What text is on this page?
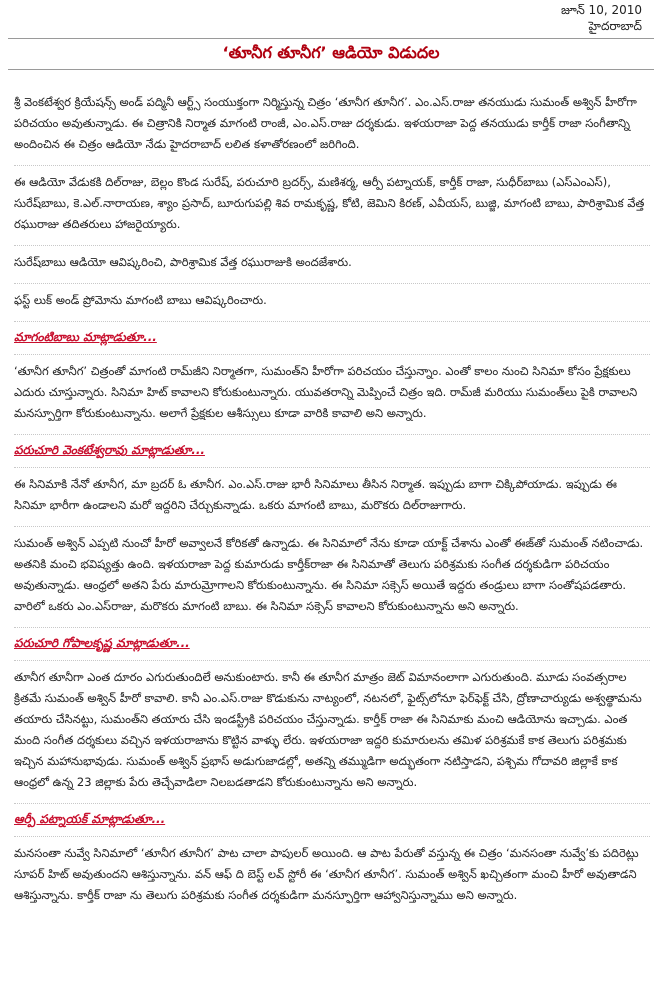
జూన్ 10, 2010
హైదరాబాద్
‘తూనీగ తూనీగ’ ఆడియో విడుదల

శ్రీ వెంకటేశ్వర క్రియేషన్స్ అండ్ పద్మినీ ఆర్ట్స్ సంయుక్తంగా నిర్మిస్తున్న చిత్రం ‘తూనీగ తూనీగ’. ఎం.ఎస్.రాజు తనయుడు సుమంత్ అశ్విన్ హీరోగా పరిచయం అవుతున్నాడు. ఈ చిత్రానికి నిర్మాత మాగంటి రాంజీ, ఎం.ఎస్.రాజు దర్శకుడు. ఇళయరాజా పెద్ద తనయుడు కార్తీక్ రాజా సంగీతాన్ని అందించిన ఈ చిత్రం ఆడియో నేడు హైదరాబాద్ లలిత కళాతోరణంలో జరిగింది.

ఈ ఆడియో వేడుకకి దిల్‌రాజు, బెల్లం కొండ సురేష్, పరుచూరి బ్రదర్స్, మణిశర్మ, ఆర్పీ పట్నాయక్, కార్తీక్ రాజా, సుధీర్‌బాబు (ఎస్ఎంఎస్), సురేష్‌బాబు, కె.ఎల్.నారాయణ, శ్యాం ప్రసాద్, బూరుగుపల్లి శివ రామకృష్ణ, కోటి, జెమిని కిరణ్, ఎవీయస్, బుజ్జి, మాగంటి బాబు, పారిశ్రామిక వేత్త రఘురాజు తదితరులు హాజరైయ్యారు.

సురేష్‌బాబు ఆడియో ఆవిష్కరించి, పారిశ్రామిక వేత్త రఘురాజుకి అందజేశారు.

ఫస్ట్ లుక్ అండ్ ప్రోమోను మాగంటి బాబు ఆవిష్కరించారు.

మాగంటిబాబు మాట్లాడుతూ...

‘తూనీగ తూనీగ’ చిత్రంతో మాగంటి రామ్‌జీని నిర్మాతగా, సుమంత్‌ని హీరోగా పరిచయం చేస్తున్నాం. ఎంతో కాలం నుంచి సినిమా కోసం ప్రేక్షకులు ఎదురు చూస్తున్నారు. సినిమా హిట్ కావాలని కోరుకుంటున్నారు. యువతరాన్ని మెప్పించే చిత్రం ఇది. రామ్‌జీ మరియు సుమంత్‌లు పైకి రావాలని మనస్పూర్తిగా కోరుకుంటున్నాను. అలాగే ప్రేక్షకుల ఆశీస్సులు కూడా వారికి కావాలి అని అన్నారు.

పరుచూరి వెంకటేశ్వరావు మాట్లాడుతూ...

ఈ సినిమాకి నేనో తూనీగ, మా బ్రదర్ ఓ తూనీగ. ఎం.ఎస్.రాజు భారీ సినిమాలు తీసిన నిర్మాత. ఇప్పుడు బాగా చిక్కిపోయాడు. ఇప్పుడు ఈ సినిమా భారీగా ఉండాలని మరో ఇద్దరిని చేర్చుకున్నాడు. ఒకరు మాగంటి బాబు, మరొకరు దిల్‌రాజుగారు.

సుమంత్ అశ్విన్ ఎప్పటి నుంచో హీరో అవ్వాలనే కోరికతో ఉన్నాడు. ఈ సినిమాలో నేను కూడా యాక్ట్ చేశాను ఎంతో ఈజ్‌తో సుమంత్ నటించాడు. అతనికి మంచి భవిష్యత్తు ఉంది. ఇళయరాజా పెద్ద కుమారుడు కార్తీక్‌రాజా ఈ సినిమాతో తెలుగు పరిశ్రమకు సంగీత దర్శకుడిగా పరిచయం అవుతున్నాడు. ఆంధ్రలో అతని పేరు మారుమ్రోగాలని కోరుకుంటున్నాను. ఈ సినిమా సక్సెస్ అయితే ఇద్దరు తండ్రులు బాగా సంతోషపడతారు. వారిలో ఒకరు ఎం.ఎస్‌రాజు, మరొకరు మాగంటి బాబు. ఈ సినిమా సక్సెస్ కావాలని కోరుకుంటున్నాను అని అన్నారు.

పరుచూరి గోపాలకృష్ణ మాట్లాడుతూ...

తూనీగ తూనీగా ఎంత దూరం ఎగురుతుందిలే అనుకుంటారు. కానీ ఈ తూనీగ మాత్రం జెట్ విమానంలాగా ఎగురుతుంది. మూడు సంవత్సరాల క్రితమే సుమంత్ అశ్విన్ హీరో కావాలి. కానీ ఎం.ఎస్.రాజు కొడుకును నాట్యంలో, నటనలో, ఫైట్స్‌లోనూ ఫెర్‌ఫెక్ట్ చేసి, ద్రోణాచార్యుడు అశ్వత్థామను తయారు చేసినట్టు, సుమంత్‌ని తయారు చేసి ఇండస్ట్రీకి పరిచయం చేస్తున్నాడు. కార్తీక్ రాజా ఈ సినిమాకు మంచి ఆడియోను ఇచ్చాడు. ఎంత మంది సంగీత దర్శకులు వచ్చిన ఇళయరాజాను కొట్టిన వాళ్ళు లేరు. ఇళయరాజా ఇద్దరి కుమారులను తమిళ పరిశ్రమకే కాక తెలుగు పరిశ్రమకు ఇచ్చిన మహానుభావుడు. సుమంత్ అశ్విన్ ప్రభాస్ అడుగుజాడల్లో, అతన్ని తమ్ముడిగా అద్భుతంగా నటిస్తాడని, పశ్చిమ గోదావరి జిల్లాకే కాక ఆంధ్రలో ఉన్న 23 జిల్లాకు పేరు తెచ్చేవాడిలా నిలబడతాడని కోరుకుంటున్నాను అని అన్నారు.

ఆర్పీ పట్నాయక్ మాట్లాడుతూ...

మనసంతా నువ్వే సినిమాలో ‘తూనీగ తూనీగ’ పాట చాలా పాపులర్ అయింది. ఆ పాట పేరుతో వస్తున్న ఈ చిత్రం ‘మనసంతా నువ్వే’కు పదిరెట్లు సూపర్ హిట్ అవుతుందని ఆశిస్తున్నాను. వన్ ఆఫ్ ది బెస్ట్ లవ్ స్టోరీ ఈ ‘తూనీగ తూనీగ’. సుమంత్ అశ్విన్ ఖచ్చితంగా మంచి హీరో అవుతాడని ఆశిస్తున్నాను. కార్తీక్ రాజా ను తెలుగు పరిశ్రమకు సంగీత దర్శకుడిగా మనస్ఫూర్తిగా ఆహ్వానిస్తున్నాము అని అన్నారు.
